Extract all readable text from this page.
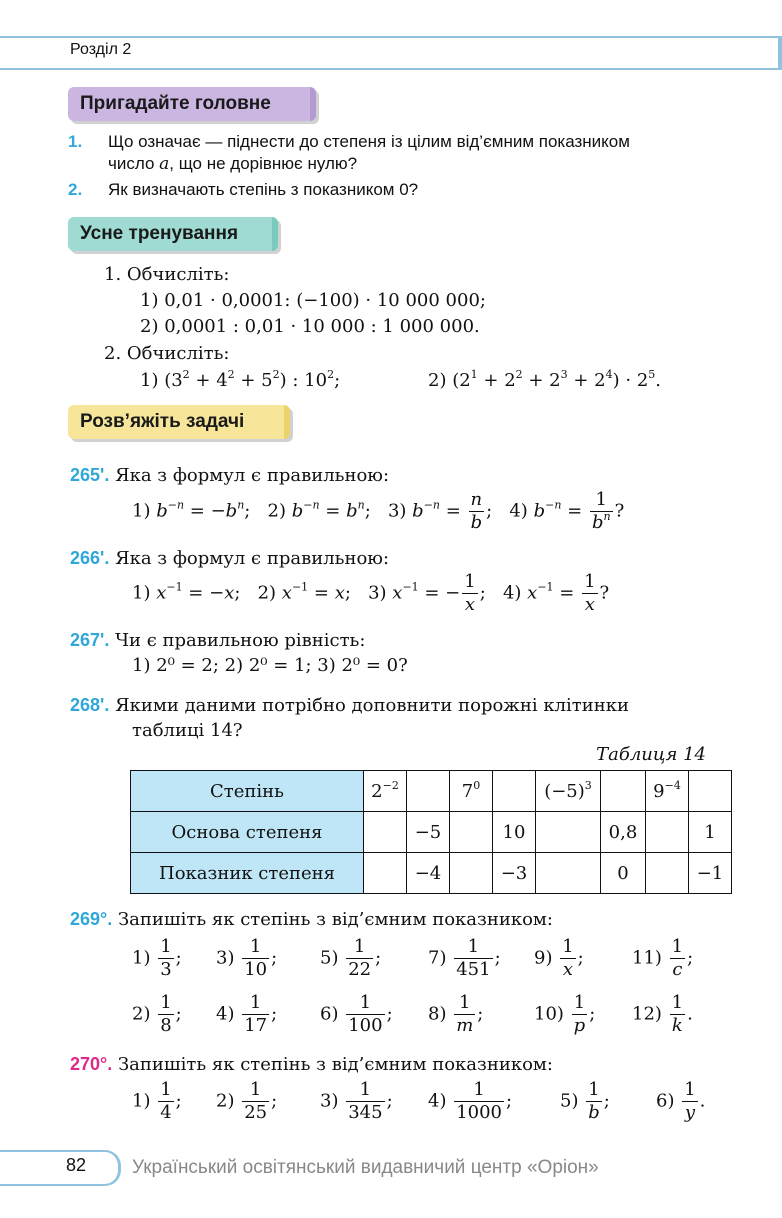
Розділ 2
Пригадайте головне
1. Що означає — піднести до степеня із цілим від’ємним показником
число a, що не дорівнює нулю?
2. Як визначають степінь з показником 0?
Усне тренування
1. Обчисліть:
1) 0,01 · 0,0001: (−100) · 10 000 000;
2) 0,0001 : 0,01 · 10 000 : 1 000 000.
2. Обчисліть:
1) $(3^2 + 4^2 + 5^2)$ : $10^2$;	2) $(2^1 + 2^2 + 2^3 + 2^4) \cdot 2^5$.
Розв’яжіть задачі
265'. Яка з формул є правильною:
1) $b^{-n} = -b^n$;   2) $b^{-n} = b^n$;   3) $b^{-n} = \frac{n}{b}$ ;   4) $b^{-n} = \frac{1}{b^n}$ ?
266'. Яка з формул є правильною:
1) $x^{-1} = -x$;   2) $x^{-1} = x$;   3) $x^{-1}$ = − $\frac{1}{x}$ ;   4) $x^{-1} = \frac{1}{x}$ ?
267'. Чи є правильною рівність:
1) 2⁰ = 2; 2) 2⁰ = 1; 3) 2⁰ = 0?
268'. Якими даними потрібно доповнити порожні клітинки
таблиці 14?
Таблиця 14
Степінь	$2^{-2}$		$7^0$		$(-5)^3$		$9^{-4}$	
Основа степеня		−5		10		0,8		1
Показник степеня		−4		−3		0		−1
269°. Запишіть як степінь з від’ємним показником:
$1) \frac{1}{3}$ ; $3) \frac{1}{10}$ ; $5) \frac{1}{22}$ ;	$7) \frac{1}{451}$ ; $9) \frac{1}{x}$ ;	$11) \frac{1}{c}$ ;
$2) \frac{1}{8}$ ; $4) \frac{1}{17}$ ; $6) \frac{1}{100}$ ; $8) \frac{1}{m}$ ;	$10) \frac{1}{p}$ ; $12) \frac{1}{k}$ .
270°. Запишіть як степінь з від’ємним показником:
$1) \frac{1}{4}$ ; $2) \frac{1}{25}$ ; $3) \frac{1}{345}$ ; $4) \frac{1}{1000}$ ;	$5) \frac{1}{b}$ ;	$6) \frac{1}{y}$ .
82 Український освітянський видавничий центр «Оріон»
